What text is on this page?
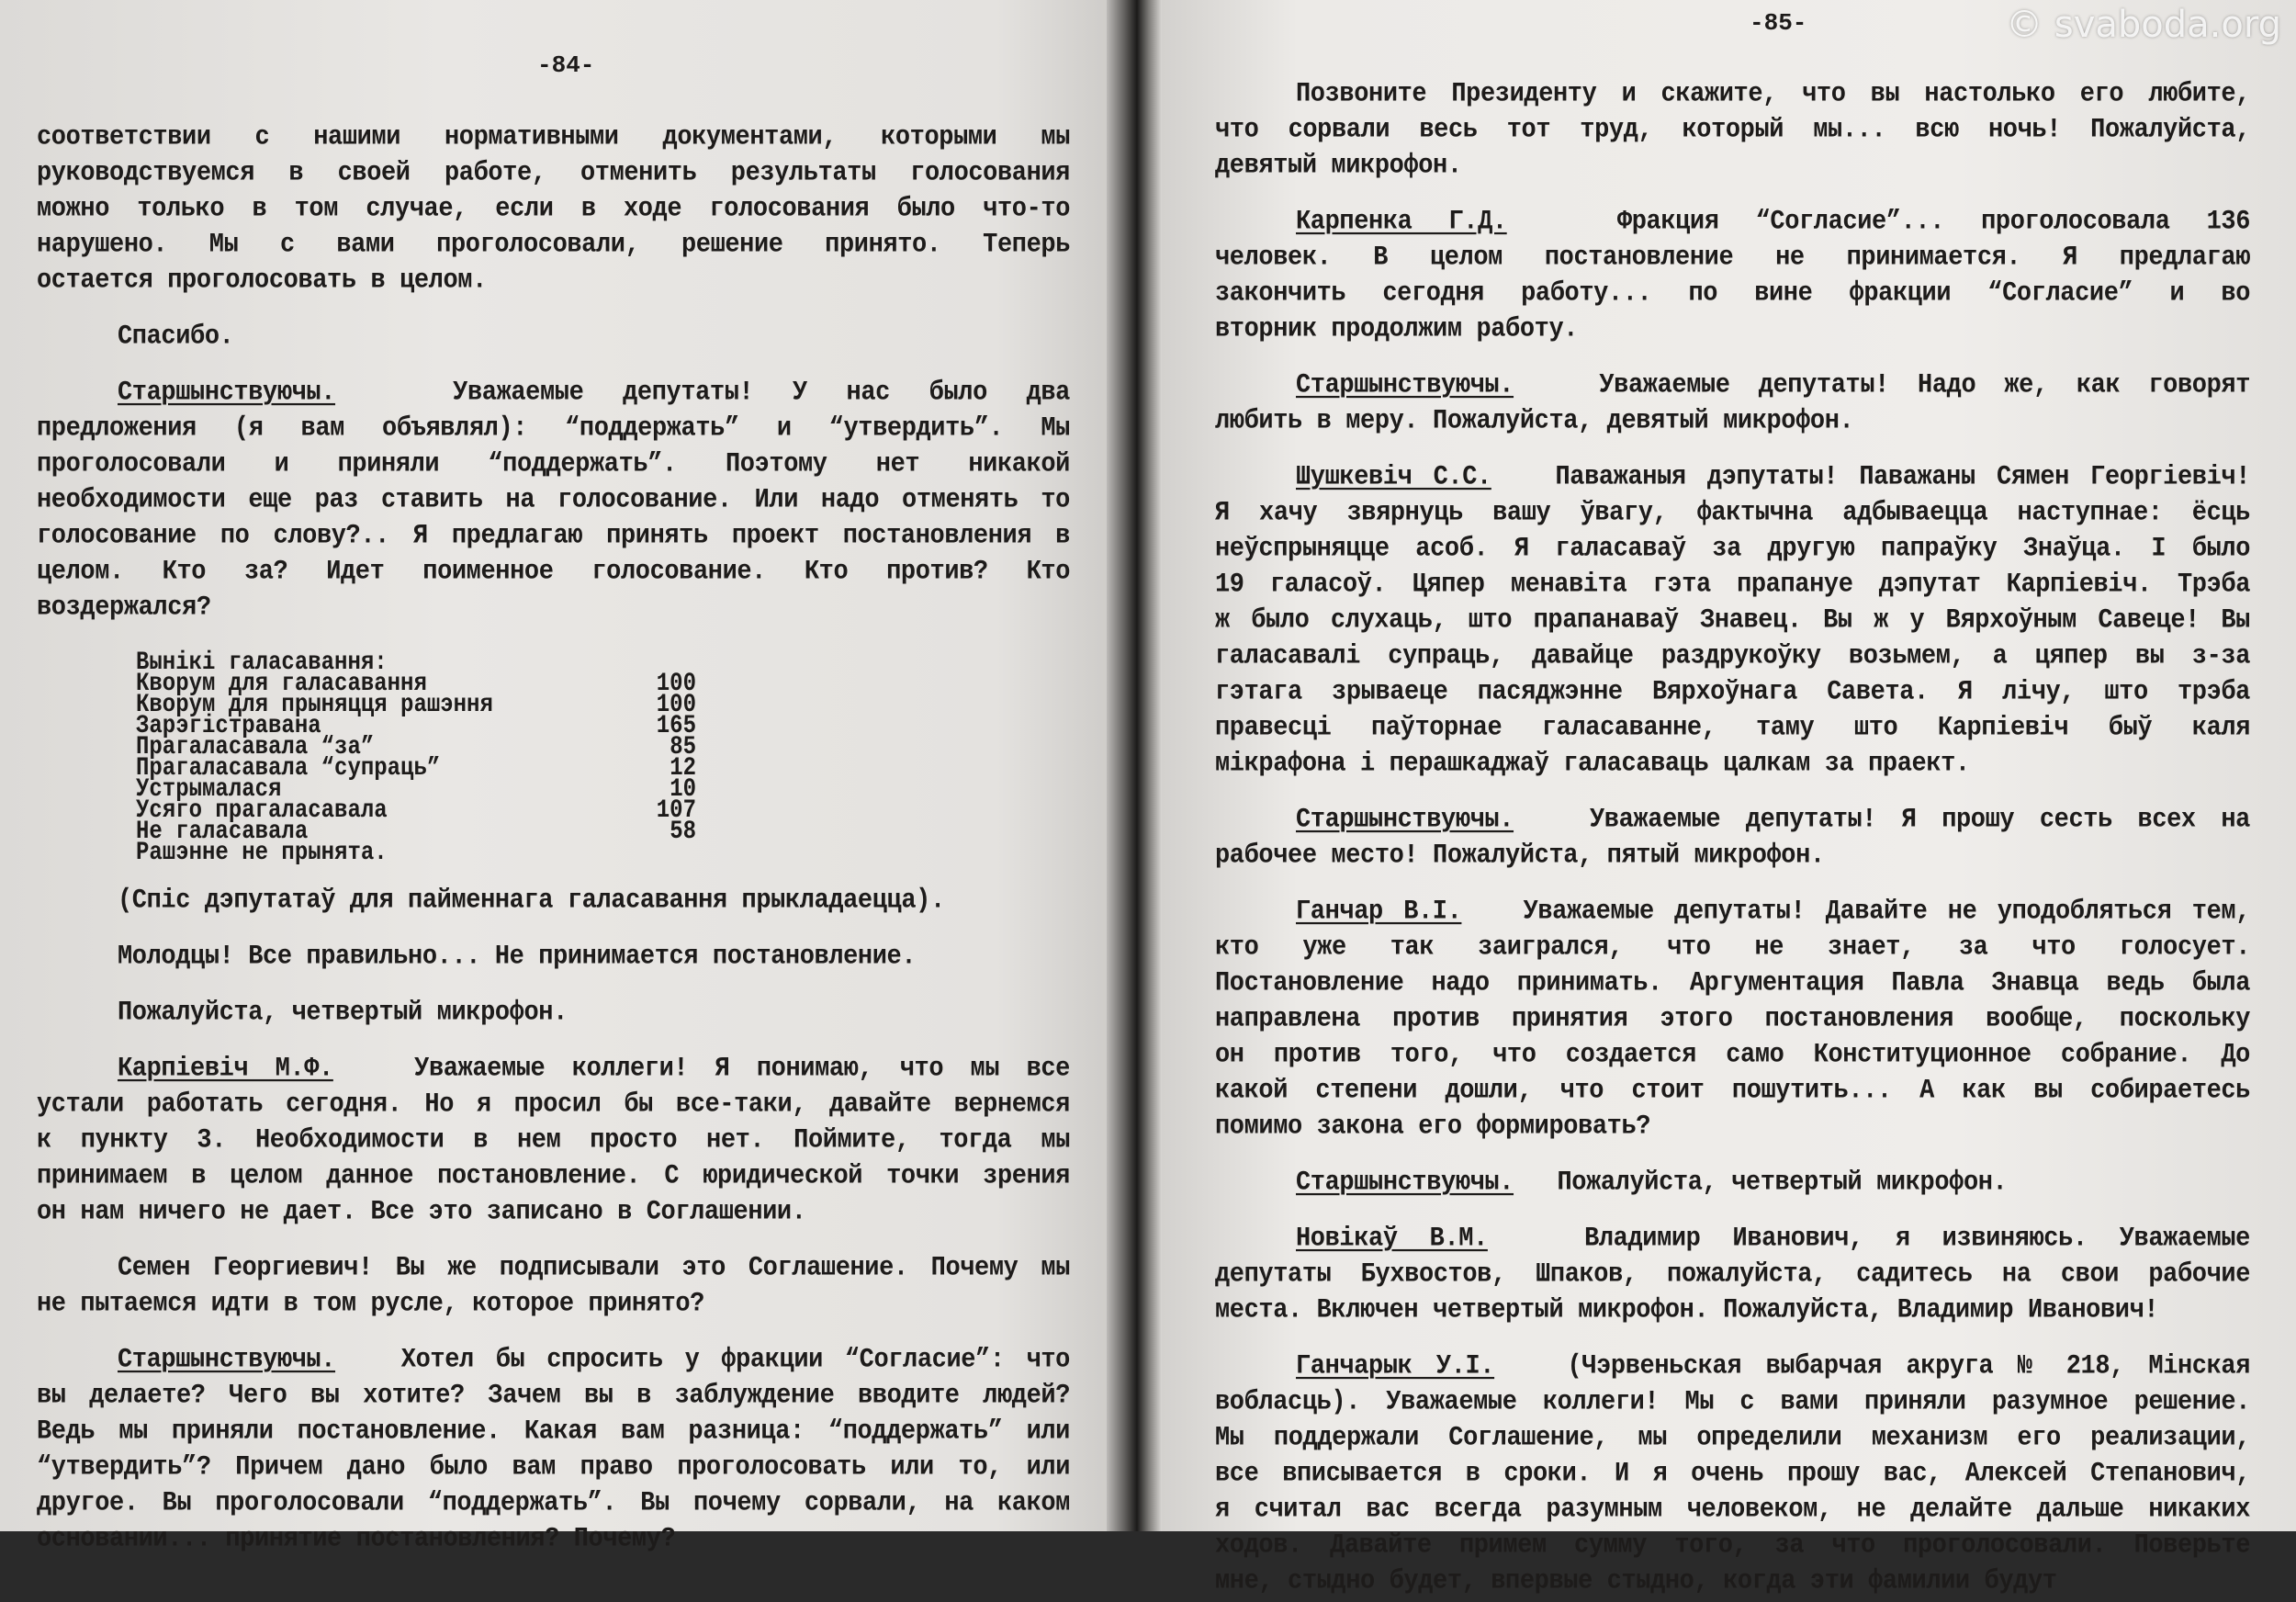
-84-
соответствии с нашими нормативными документами, которыми мы
руководствуемся в своей работе, отменить результаты голосования
можно только в том случае, если в ходе голосования было что-то
нарушено. Мы с вами проголосовали, решение принято. Теперь
остается проголосовать в целом.
Спасибо.
Старшынствуючы.	Уважаемые депутаты! У нас было два
предложения (я вам объявлял): “поддержать” и “утвердить”. Мы
проголосовали и приняли “поддержать”. Поэтому нет никакой
необходимости еще раз ставить на голосование. Или надо отменять то
голосование по слову?.. Я предлагаю принять проект постановления в
целом. Кто за? Идет поименное голосование. Кто против? Кто
воздержался?
Вынікі галасавання:
Кворум для галасавання	100
Кворум для прыняцця рашэння	100
Зарэгістравана	165
Прагаласавала “за”	85
Прагаласавала “супраць”	12
Устрымалася	10
Усяго прагаласавала	107
Не галасавала	58
Рашэнне не прынята.
(Спіс дэпутатаў для пайменнага галасавання прыкладаецца).
Молодцы! Все правильно... Не принимается постановление.
Пожалуйста, четвертый микрофон.
Карпіевіч М.Ф.	Уважаемые коллеги! Я понимаю, что мы все
устали работать сегодня. Но я просил бы все-таки, давайте вернемся
к пункту 3. Необходимости в нем просто нет. Поймите, тогда мы
принимаем в целом данное постановление. С юридической точки зрения
он нам ничего не дает. Все это записано в Соглашении.
Семен Георгиевич! Вы же подписывали это Соглашение. Почему мы
не пытаемся идти в том русле, которое принято?
Старшынствуючы.	Хотел бы спросить у фракции “Согласие”: что
вы делаете? Чего вы хотите? Зачем вы в заблуждение вводите людей?
Ведь мы приняли постановление. Какая вам разница: “поддержать” или
“утвердить”? Причем дано было вам право проголосовать или то, или
другое. Вы проголосовали “поддержать”. Вы почему сорвали, на каком
основании... принятие постановления? Почему?
-85-
Позвоните Президенту и скажите, что вы настолько его любите,
что сорвали весь тот труд, который мы... всю ночь! Пожалуйста,
девятый микрофон.
Карпенка Г.Д.	Фракция “Согласие”... проголосовала 136
человек. В целом постановление не принимается. Я предлагаю
закончить сегодня работу... по вине фракции “Согласие” и во
вторник продолжим работу.
Старшынствуючы.	Уважаемые депутаты! Надо же, как говорят
любить в меру. Пожалуйста, девятый микрофон.
Шушкевіч С.С.	Паважаныя дэпутаты! Паважаны Сямен Георгіевіч!
Я хачу звярнуць вашу ўвагу, фактычна адбываецца наступнае: ёсць
неўспрыняцце асоб. Я галасаваў за другую папраўку Знаўца. І было
19 галасоў. Цяпер менавіта гэта прапануе дэпутат Карпіевіч. Трэба
ж было слухаць, што прапанаваў Знавец. Вы ж у Вярхоўным Савеце! Вы
галасавалі супраць, давайце раздрукоўку возьмем, а цяпер вы з-за
гэтага зрываеце пасяджэнне Вярхоўнага Савета. Я лічу, што трэба
правесці паўторнае галасаванне, таму што Карпіевіч быў каля
мікрафона і перашкаджаў галасаваць цалкам за праект.
Старшынствуючы.	Уважаемые депутаты! Я прошу сесть всех на
рабочее место! Пожалуйста, пятый микрофон.
Ганчар В.І. Уважаемые депутаты! Давайте не уподобляться тем,
кто уже так заигрался, что не знает, за что голосует.
Постановление надо принимать. Аргументация Павла Знавца ведь была
направлена против принятия этого постановления вообще, поскольку
он против того, что создается само Конституционное собрание. До
какой степени дошли, что стоит пошутить... А как вы собираетесь
помимо закона его формировать?
Старшынствуючы. Пожалуйста, четвертый микрофон.
Новікаў В.М.	Владимир Иванович, я извиняюсь. Уважаемые
депутаты Бухвостов, Шпаков, пожалуйста, садитесь на свои рабочие
места. Включен четвертый микрофон. Пожалуйста, Владимир Иванович!
Ганчарык У.І.	(Чэрвеньская выбарчая акруга № 218, Мінская
вобласць). Уважаемые коллеги! Мы с вами приняли разумное решение.
Мы поддержали Соглашение, мы определили механизм его реализации,
все вписывается в сроки. И я очень прошу вас, Алексей Степанович,
я считал вас всегда разумным человеком, не делайте дальше никаких
ходов. Давайте примем сумму того, за что проголосовали. Поверьте
мне, стыдно будет, впервые стыдно, когда эти фамилии будут
© svaboda.org
